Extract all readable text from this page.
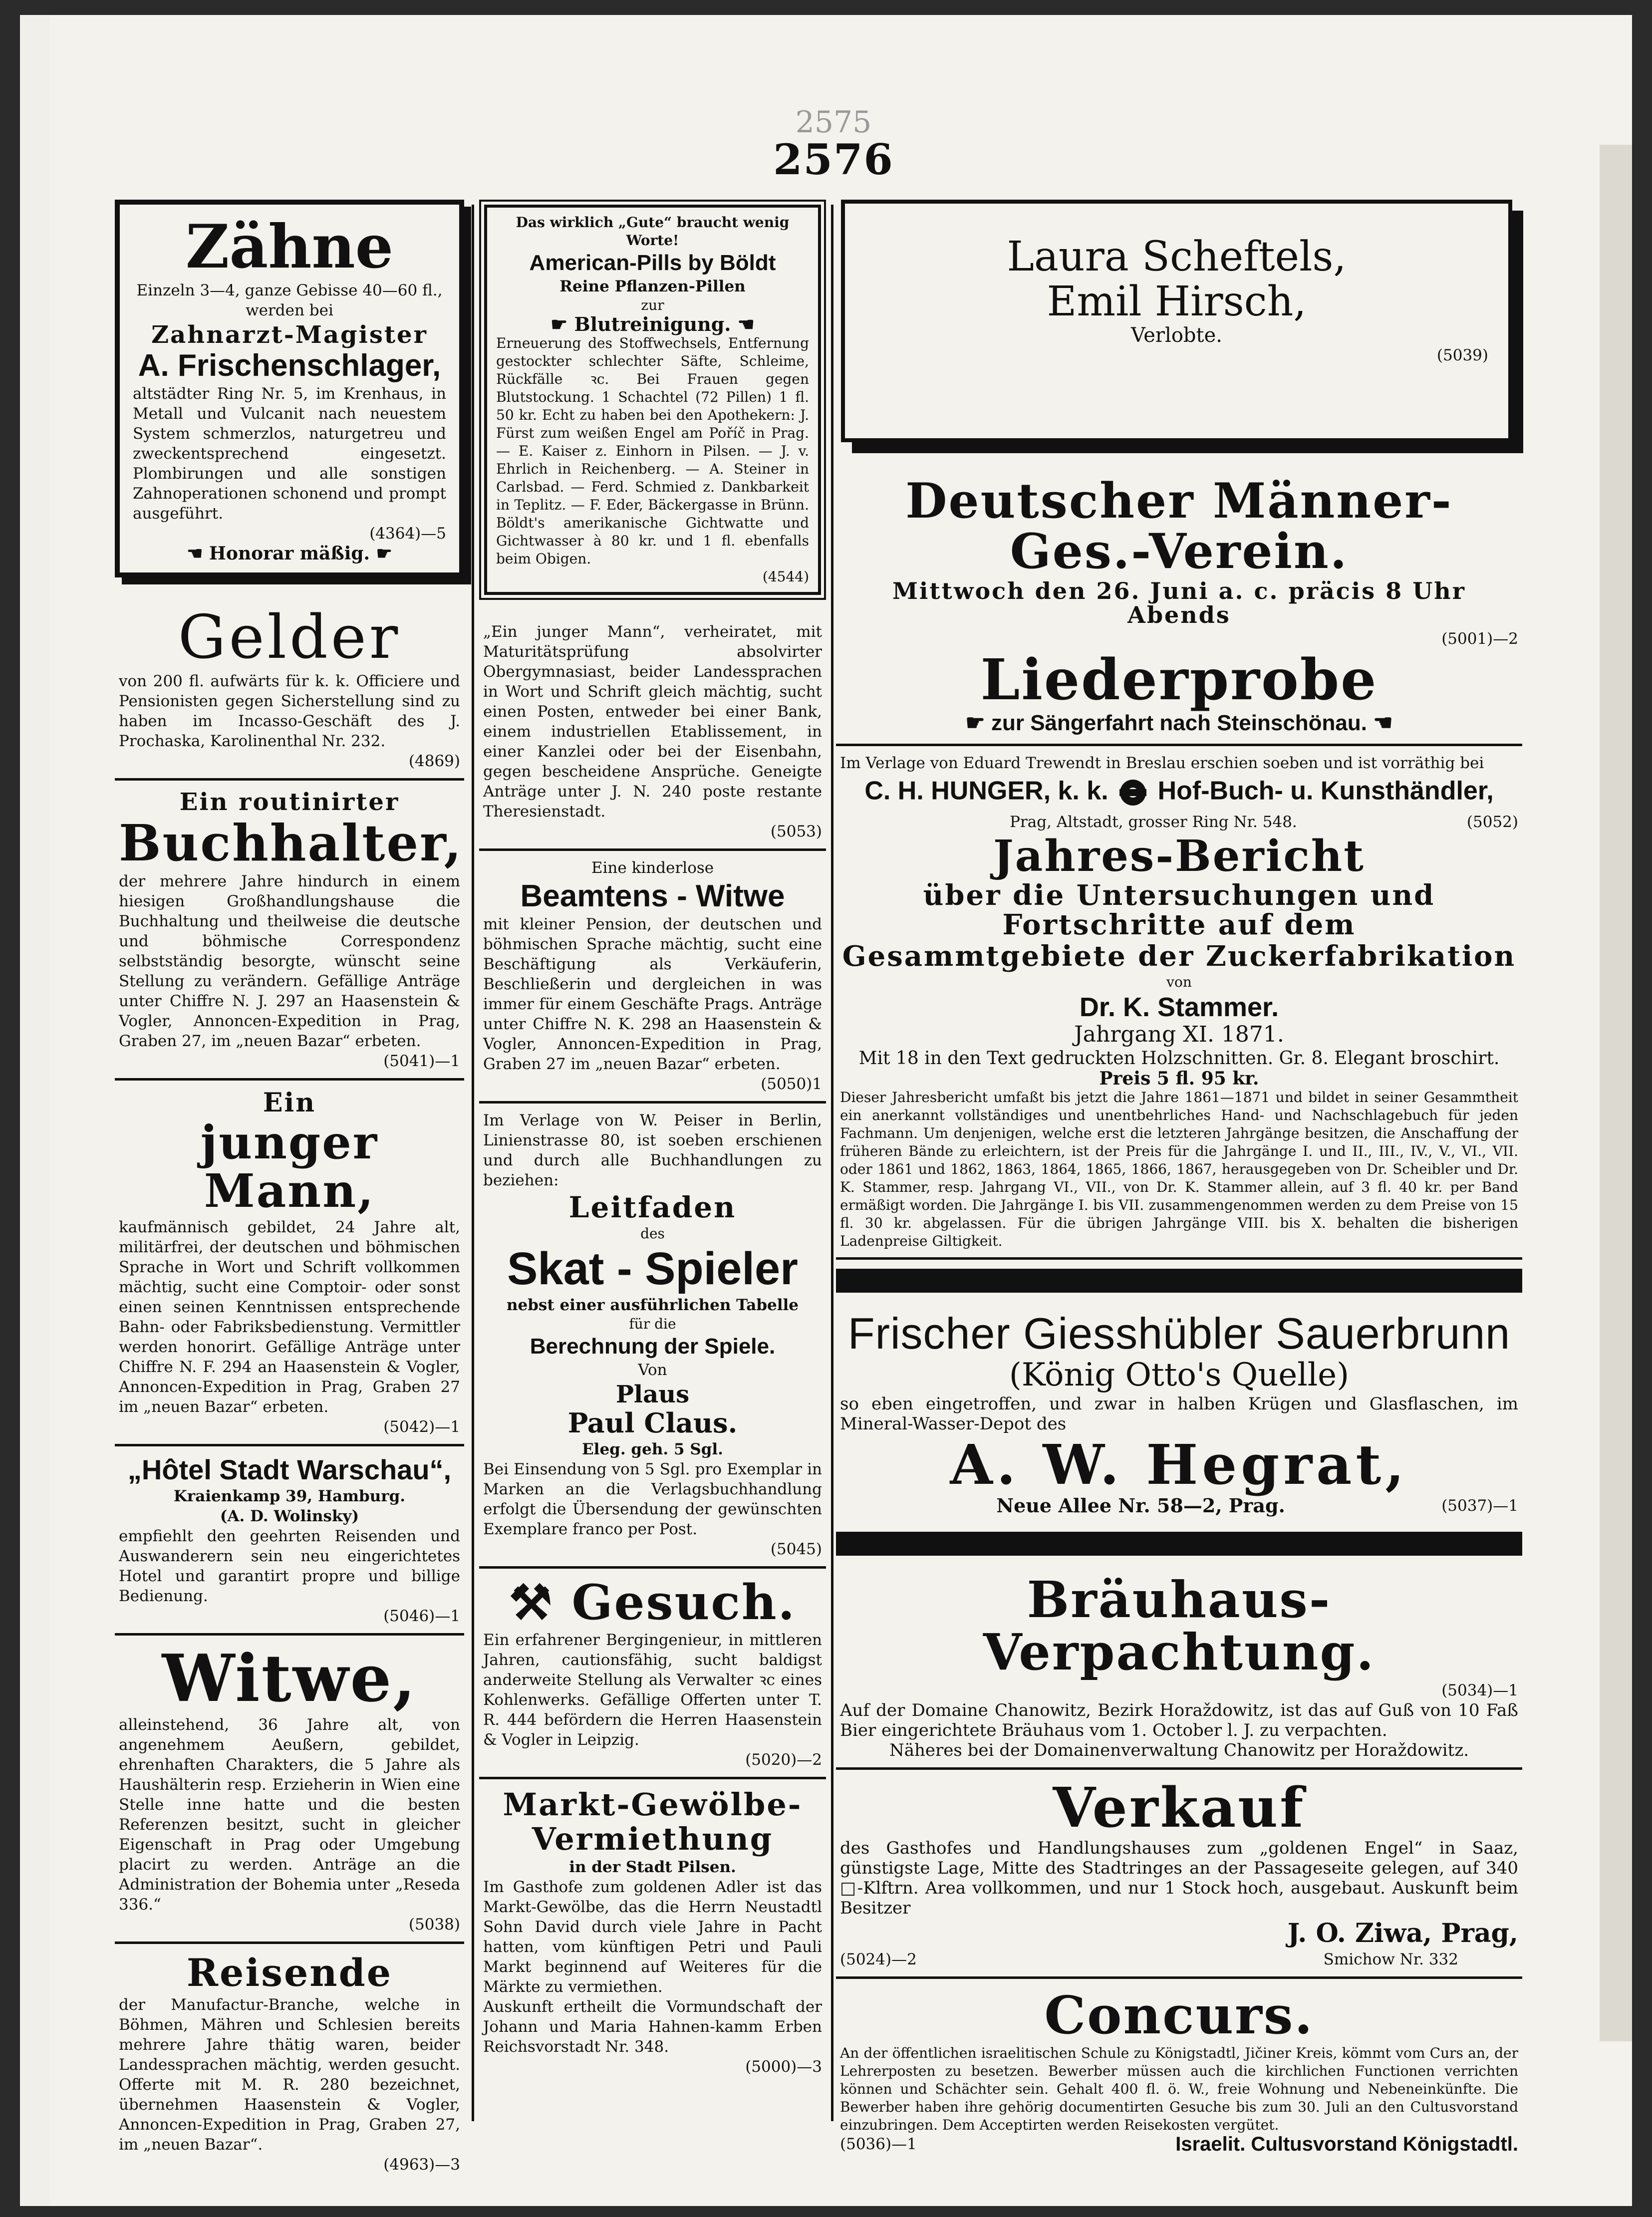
2575
2576
Zähne

Einzeln 3—4, ganze Gebisse 40—60 fl.,

werden bei

Zahnarzt-Magister
A. Frischenschlager,

altstädter Ring Nr. 5, im Krenhaus, in Metall und Vulcanit nach neuestem System schmerzlos, naturgetreu und zweckentsprechend eingesetzt. Plombirungen und alle sonstigen Zahnoperationen schonend und prompt ausgeführt.

(4364)—5

☚ Honorar mäßig. ☛

Gelder

von 200 fl. aufwärts für k. k. Officiere und Pensionisten gegen Sicherstellung sind zu haben im Incasso-Geschäft des J. Prochaska, Karolinenthal Nr. 232.

(4869)

Ein routinirter
Buchhalter,

der mehrere Jahre hindurch in einem hiesigen Großhandlungshause die Buchhaltung und theilweise die deutsche und böhmische Correspondenz selbstständig besorgte, wünscht seine Stellung zu verändern. Gefällige Anträge unter Chiffre N. J. 297 an Haasenstein & Vogler, Annoncen-Expedition in Prag, Graben 27, im „neuen Bazar“ erbeten.

(5041)—1

Ein
junger Mann,

kaufmännisch gebildet, 24 Jahre alt, militärfrei, der deutschen und böhmischen Sprache in Wort und Schrift vollkommen mächtig, sucht eine Comptoir- oder sonst einen seinen Kenntnissen entsprechende Bahn- oder Fabriksbedienstung. Vermittler werden honorirt. Gefällige Anträge unter Chiffre N. F. 294 an Haasenstein & Vogler, Annoncen-Expedition in Prag, Graben 27 im „neuen Bazar“ erbeten.

(5042)—1

„Hôtel Stadt Warschau“,

Kraienkamp 39, Hamburg.

(A. D. Wolinsky)

empfiehlt den geehrten Reisenden und Auswanderern sein neu eingerichtetes Hotel und garantirt propre und billige Bedienung.

(5046)—1

Witwe,

alleinstehend, 36 Jahre alt, von angenehmem Aeußern, gebildet, ehrenhaften Charakters, die 5 Jahre als Haushälterin resp. Erzieherin in Wien eine Stelle inne hatte und die besten Referenzen besitzt, sucht in gleicher Eigenschaft in Prag oder Umgebung placirt zu werden. Anträge an die Administration der Bohemia unter „Reseda 336.“

(5038)

Reisende

der Manufactur-Branche, welche in Böhmen, Mähren und Schlesien bereits mehrere Jahre thätig waren, beider Landessprachen mächtig, werden gesucht. Offerte mit M. R. 280 bezeichnet, übernehmen Haasenstein & Vogler, Annoncen-Expedition in Prag, Graben 27, im „neuen Bazar“.

(4963)—3

Das wirklich „Gute“ braucht wenig Worte!

American-Pills by Böldt

Reine Pflanzen-Pillen

zur

☛ Blutreinigung. ☚

Erneuerung des Stoffwechsels, Entfernung gestockter schlechter Säfte, Schleime, Rückfälle ꝛc. Bei Frauen gegen Blutstockung. 1 Schachtel (72 Pillen) 1 fl. 50 kr. Echt zu haben bei den Apothekern: J. Fürst zum weißen Engel am Poříč in Prag. — E. Kaiser z. Einhorn in Pilsen. — J. v. Ehrlich in Reichenberg. — A. Steiner in Carlsbad. — Ferd. Schmied z. Dankbarkeit in Teplitz. — F. Eder, Bäckergasse in Brünn. Böldt's amerikanische Gichtwatte und Gichtwasser à 80 kr. und 1 fl. ebenfalls beim Obigen.

(4544)

„Ein junger Mann“, verheiratet, mit Maturitätsprüfung absolvirter Obergymnasiast, beider Landessprachen in Wort und Schrift gleich mächtig, sucht einen Posten, entweder bei einer Bank, einem industriellen Etablissement, in einer Kanzlei oder bei der Eisenbahn, gegen bescheidene Ansprüche. Geneigte Anträge unter J. N. 240 poste restante Theresienstadt.

(5053)

Eine kinderlose

Beamtens - Witwe

mit kleiner Pension, der deutschen und böhmischen Sprache mächtig, sucht eine Beschäftigung als Verkäuferin, Beschließerin und dergleichen in was immer für einem Geschäfte Prags. Anträge unter Chiffre N. K. 298 an Haasenstein & Vogler, Annoncen-Expedition in Prag, Graben 27 im „neuen Bazar“ erbeten.

(5050)1

Im Verlage von W. Peiser in Berlin, Linienstrasse 80, ist soeben erschienen und durch alle Buchhandlungen zu beziehen:

Leitfaden

des

Skat - Spieler

nebst einer ausführlichen Tabelle

für die

Berechnung der Spiele.

Von

Plaus
Paul Claus.

Eleg. geh. 5 Sgl.

Bei Einsendung von 5 Sgl. pro Exemplar in Marken an die Verlagsbuchhandlung erfolgt die Übersendung der gewünschten Exemplare franco per Post.

(5045)

⚒ Gesuch.

Ein erfahrener Bergingenieur, in mittleren Jahren, cautionsfähig, sucht baldigst anderweite Stellung als Verwalter ꝛc eines Kohlenwerks. Gefällige Offerten unter T. R. 444 befördern die Herren Haasenstein & Vogler in Leipzig.

(5020)—2

Markt-Gewölbe-
Vermiethung

in der Stadt Pilsen.

Im Gasthofe zum goldenen Adler ist das Markt-Gewölbe, das die Herrn Neustadtl Sohn David durch viele Jahre in Pacht hatten, vom künftigen Petri und Pauli Markt beginnend auf Weiteres für die Märkte zu vermiethen.

Auskunft ertheilt die Vormundschaft der Johann und Maria Hahnen-kamm Erben Reichsvorstadt Nr. 348.

(5000)—3

Laura Scheftels,
Emil Hirsch,

Verlobte.

(5039)

Deutscher Männer-Ges.-Verein.
Mittwoch den 26. Juni a. c. präcis 8 Uhr Abends

(5001)—2

Liederprobe
☛ zur Sängerfahrt nach Steinschönau. ☚

Im Verlage von Eduard Trewendt in Breslau erschien soeben und ist vorräthig bei

C. H. HUNGER, k. k. Hof-Buch- u. Kunsthändler,

Prag, Altstadt, grosser Ring Nr. 548.	(5052)

Jahres-Bericht
über die Untersuchungen und Fortschritte auf dem
Gesammtgebiete der Zuckerfabrikation

von

Dr. K. Stammer.
Jahrgang XI. 1871.

Mit 18 in den Text gedruckten Holzschnitten. Gr. 8. Elegant broschirt.

Preis 5 fl. 95 kr.

Dieser Jahresbericht umfaßt bis jetzt die Jahre 1861—1871 und bildet in seiner Gesammtheit ein anerkannt vollständiges und unentbehrliches Hand- und Nachschlagebuch für jeden Fachmann. Um denjenigen, welche erst die letzteren Jahrgänge besitzen, die Anschaffung der früheren Bände zu erleichtern, ist der Preis für die Jahrgänge I. und II., III., IV., V., VI., VII. oder 1861 und 1862, 1863, 1864, 1865, 1866, 1867, herausgegeben von Dr. Scheibler und Dr. K. Stammer, resp. Jahrgang VI., VII., von Dr. K. Stammer allein, auf 3 fl. 40 kr. per Band ermäßigt worden. Die Jahrgänge I. bis VII. zusammengenommen werden zu dem Preise von 15 fl. 30 kr. abgelassen. Für die übrigen Jahrgänge VIII. bis X. behalten die bisherigen Ladenpreise Giltigkeit.

Frischer Giesshübler Sauerbrunn
(König Otto's Quelle)

so eben eingetroffen, und zwar in halben Krügen und Glasflaschen, im Mineral-Wasser-Depot des

A. W. Hegrat,

Neue Allee Nr. 58—2, Prag.	(5037)—1

Bräuhaus-Verpachtung.

(5034)—1

Auf der Domaine Chanowitz, Bezirk Horaždowitz, ist das auf Guß von 10 Faß Bier eingerichtete Bräuhaus vom 1. October l. J. zu verpachten.

Näheres bei der Domainenverwaltung Chanowitz per Horaždowitz.

Verkauf

des Gasthofes und Handlungshauses zum „goldenen Engel“ in Saaz, günstigste Lage, Mitte des Stadtringes an der Passageseite gelegen, auf 340 □-Klftrn. Area vollkommen, und nur 1 Stock hoch, ausgebaut. Auskunft beim Besitzer

J. O. Ziwa, Prag,

(5024)—2	Smichow Nr. 332

Concurs.

An der öffentlichen israelitischen Schule zu Königstadtl, Jičiner Kreis, kömmt vom Curs an, der Lehrerposten zu besetzen. Bewerber müssen auch die kirchlichen Functionen verrichten können und Schächter sein. Gehalt 400 fl. ö. W., freie Wohnung und Nebeneinkünfte. Die Bewerber haben ihre gehörig documentirten Gesuche bis zum 30. Juli an den Cultusvorstand einzubringen. Dem Acceptirten werden Reisekosten vergütet.

(5036)—1	Israelit. Cultusvorstand Königstadtl.
